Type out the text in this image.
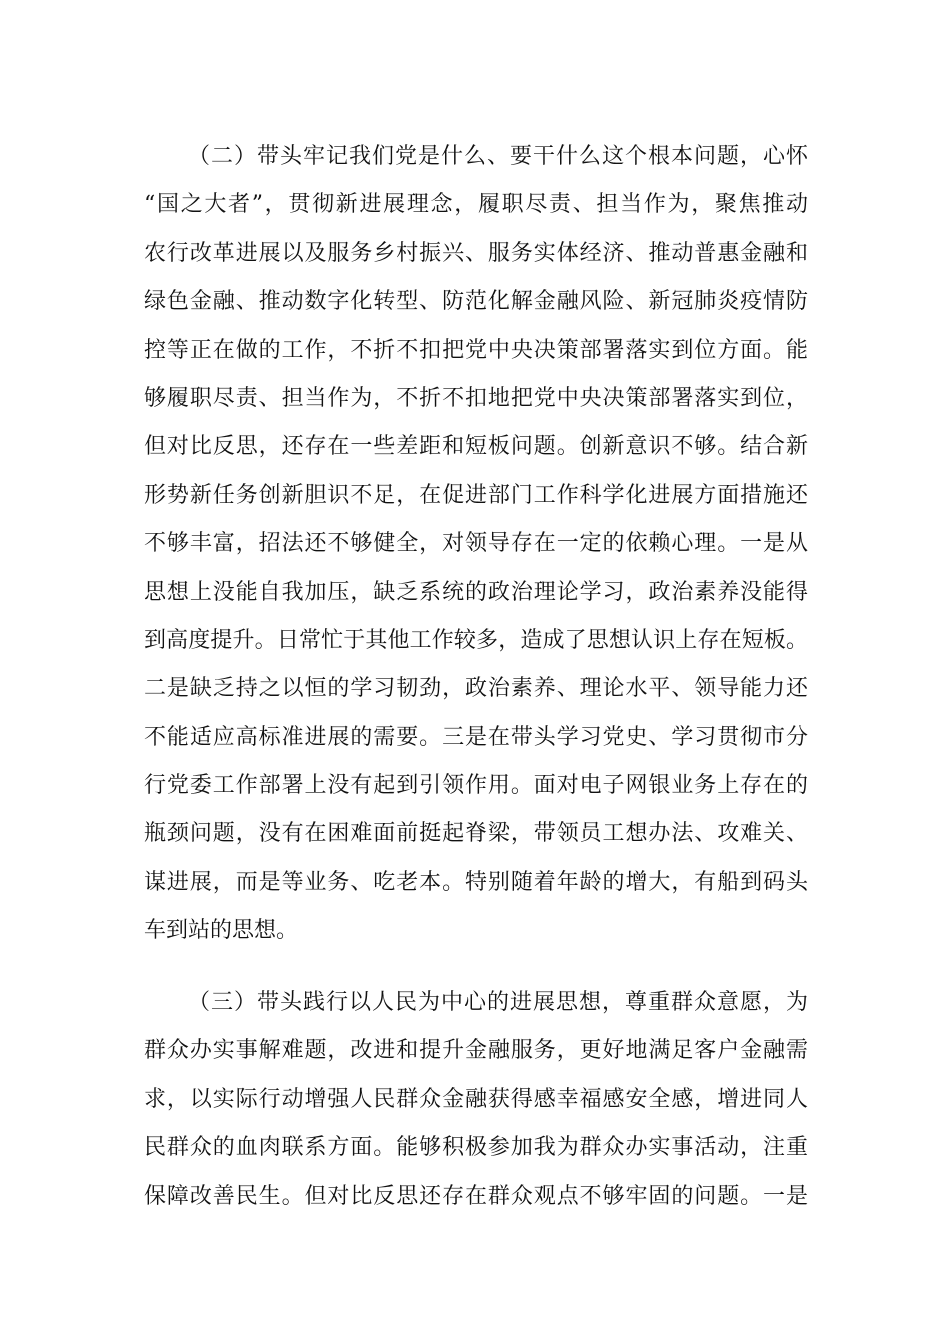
（二）带头牢记我们党是什么、要干什么这个根本问题，心怀
“国之大者”，贯彻新进展理念，履职尽责、担当作为，聚焦推动
农行改革进展以及服务乡村振兴、服务实体经济、推动普惠金融和
绿色金融、推动数字化转型、防范化解金融风险、新冠肺炎疫情防
控等正在做的工作，不折不扣把党中央决策部署落实到位方面。能
够履职尽责、担当作为，不折不扣地把党中央决策部署落实到位，
但对比反思，还存在一些差距和短板问题。创新意识不够。结合新
形势新任务创新胆识不足，在促进部门工作科学化进展方面措施还
不够丰富，招法还不够健全，对领导存在一定的依赖心理。一是从
思想上没能自我加压，缺乏系统的政治理论学习，政治素养没能得
到高度提升。日常忙于其他工作较多，造成了思想认识上存在短板。
二是缺乏持之以恒的学习韧劲，政治素养、理论水平、领导能力还
不能适应高标准进展的需要。三是在带头学习党史、学习贯彻市分
行党委工作部署上没有起到引领作用。面对电子网银业务上存在的
瓶颈问题，没有在困难面前挺起脊梁，带领员工想办法、攻难关、
谋进展，而是等业务、吃老本。特别随着年龄的增大，有船到码头
车到站的思想。
（三）带头践行以人民为中心的进展思想，尊重群众意愿，为
群众办实事解难题，改进和提升金融服务，更好地满足客户金融需
求，以实际行动增强人民群众金融获得感幸福感安全感，增进同人
民群众的血肉联系方面。能够积极参加我为群众办实事活动，注重
保障改善民生。但对比反思还存在群众观点不够牢固的问题。一是
